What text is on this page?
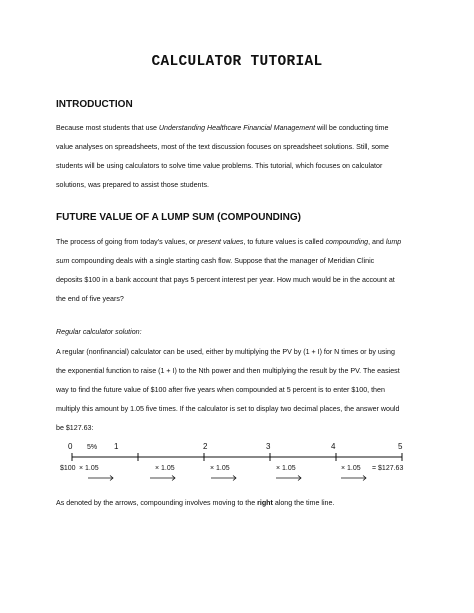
CALCULATOR TUTORIAL
INTRODUCTION

Because most students that use Understanding Healthcare Financial Management will be conducting time
value analyses on spreadsheets, most of the text discussion focuses on spreadsheet solutions. Still, some
students will be using calculators to solve time value problems. This tutorial, which focuses on calculator
solutions, was prepared to assist those students.

FUTURE VALUE OF A LUMP SUM (COMPOUNDING)

The process of going from today's values, or present values, to future values is called compounding, and lump
sum compounding deals with a single starting cash flow. Suppose that the manager of Meridian Clinic
deposits $100 in a bank account that pays 5 percent interest per year. How much would be in the account at
the end of five years?

Regular calculator solution:

A regular (nonfinancial) calculator can be used, either by multiplying the PV by (1 + I) for N times or by using
the exponential function to raise (1 + I) to the Nth power and then multiplying the result by the PV. The easiest
way to find the future value of $100 after five years when compounded at 5 percent is to enter $100, then
multiply this amount by 1.05 five times. If the calculator is set to display two decimal places, the answer would
be $127.63:

0	1	2	3	4	5
5%
$100 × 1.05	× 1.05	× 1.05	× 1.05	× 1.05 = $127.63

As denoted by the arrows, compounding involves moving to the right along the time line.
